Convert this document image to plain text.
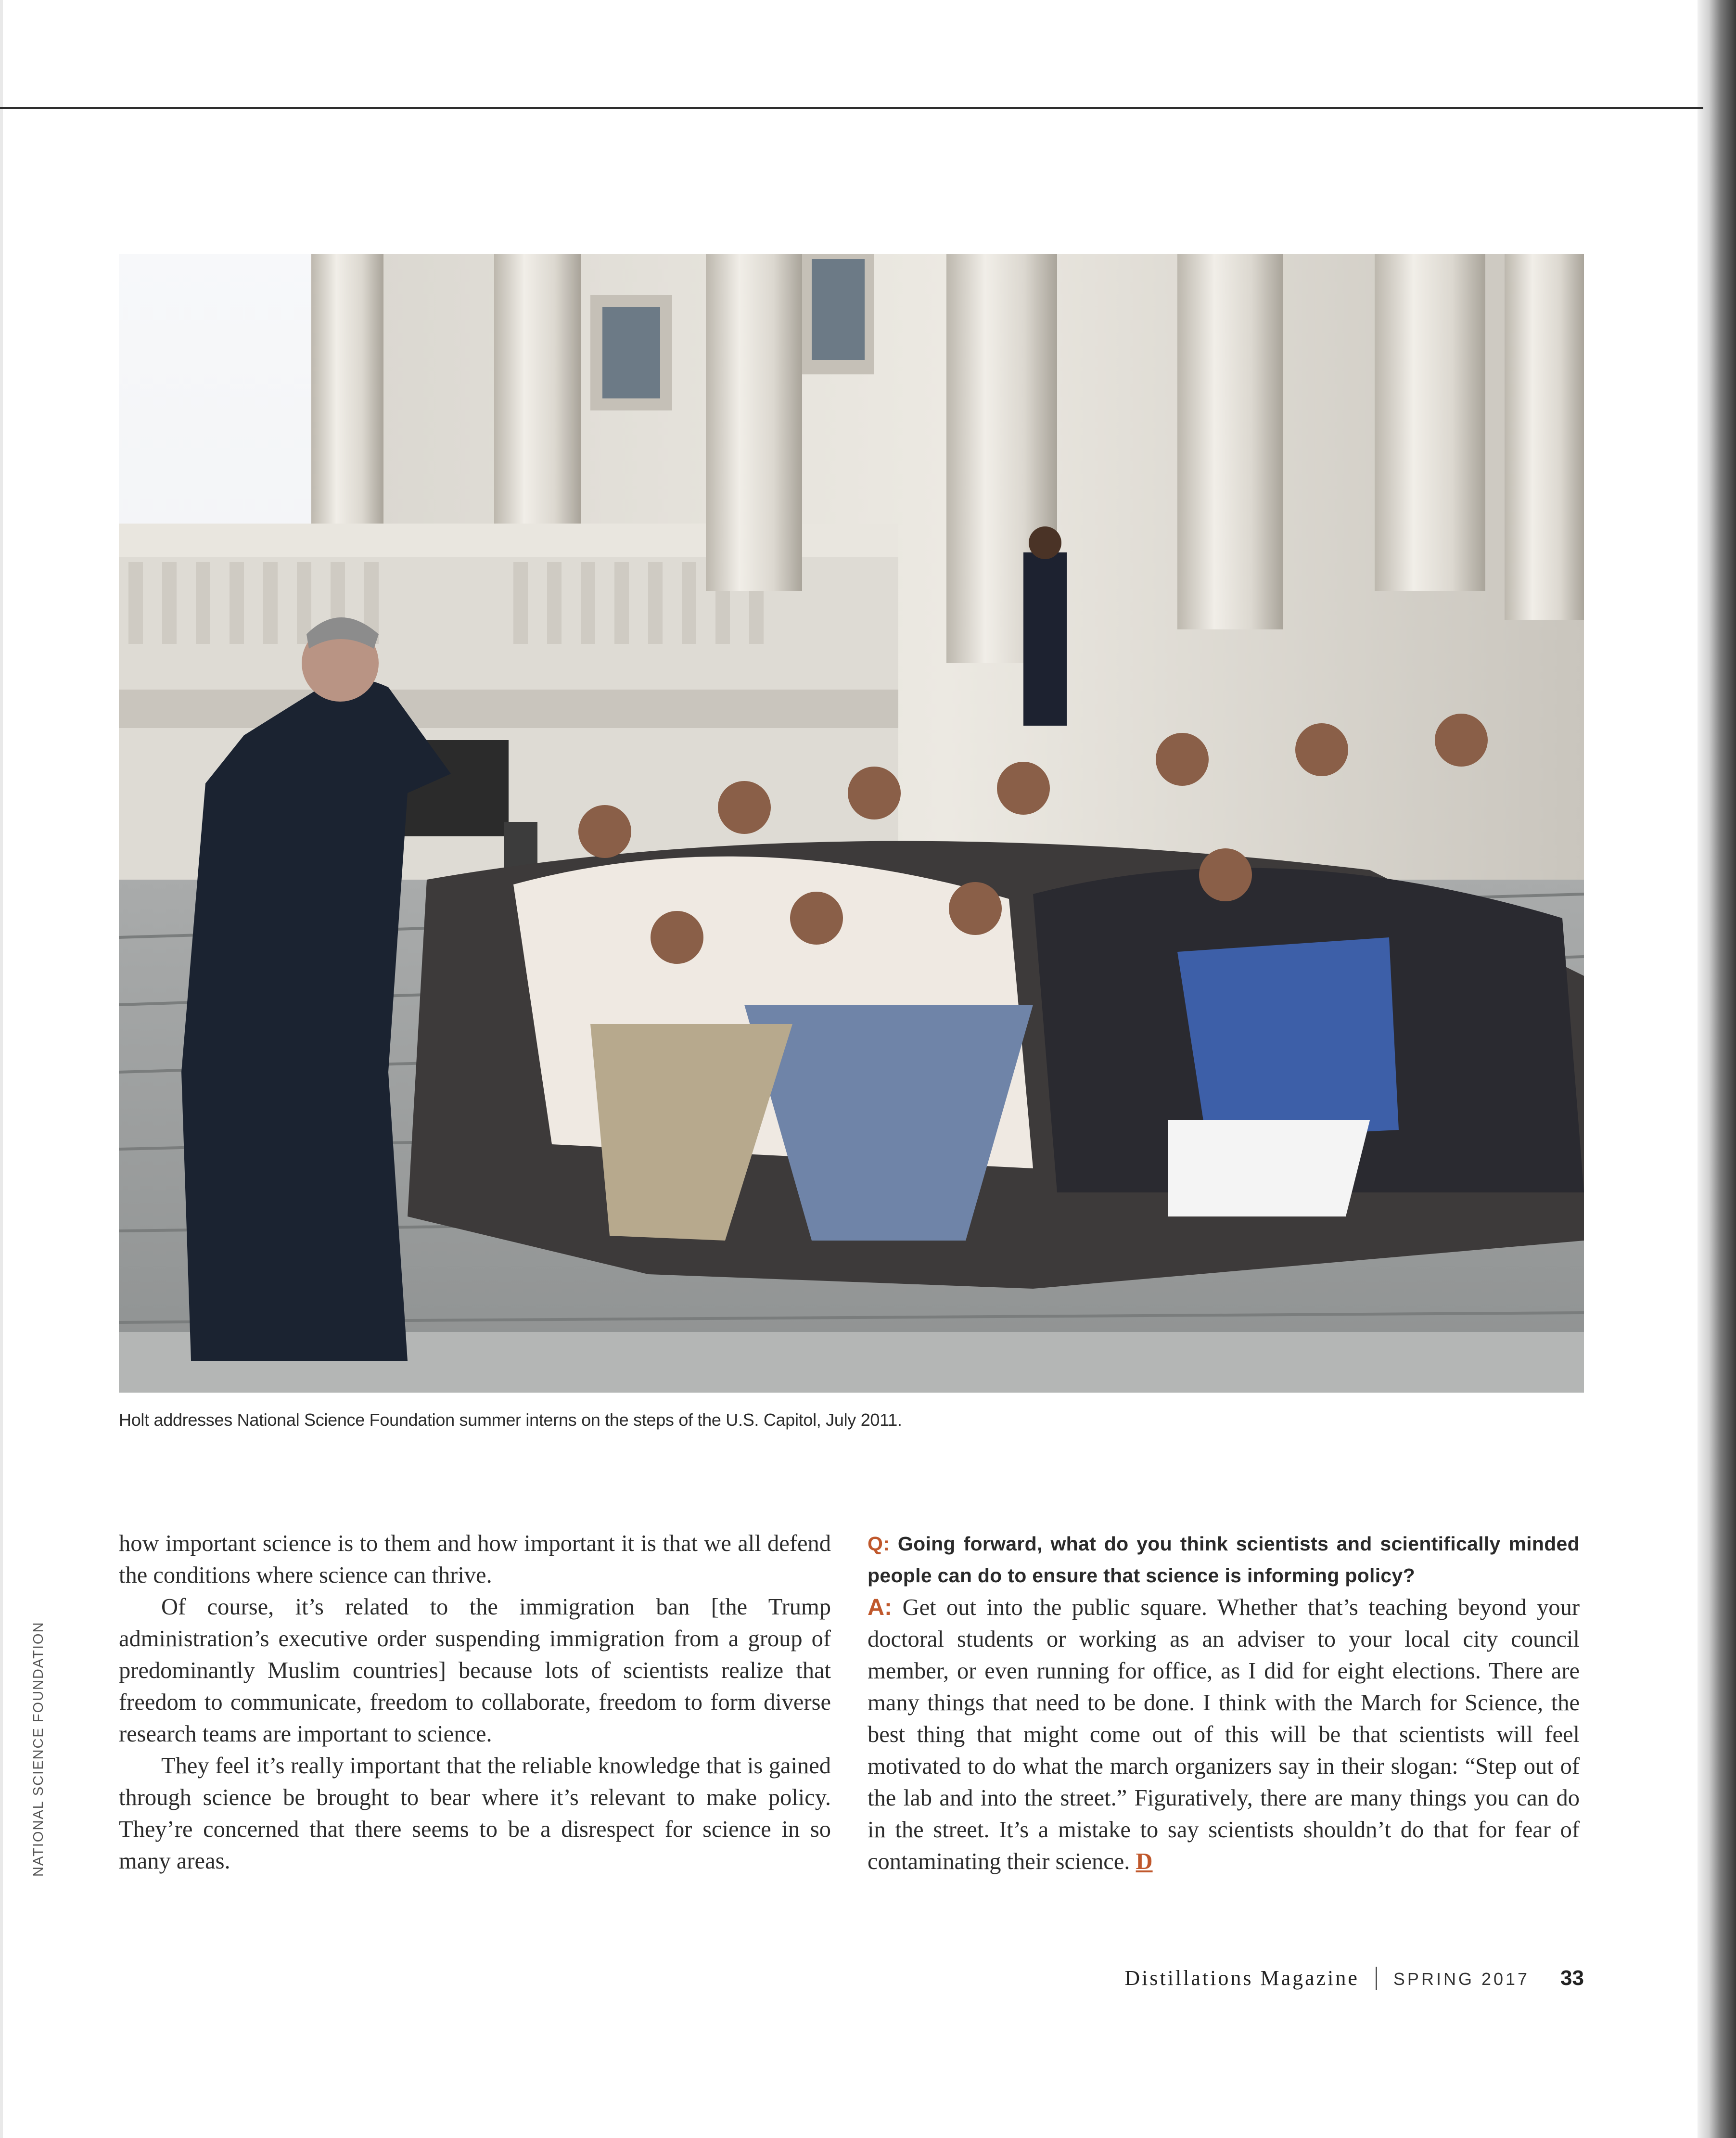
Holt addresses National Science Foundation summer interns on the steps of the U.S. Capitol, July 2011.
NATIONAL SCIENCE FOUNDATION

how important science is to them and how important it is that we all defend the conditions where science can thrive.

Of course, it’s related to the immigration ban [the Trump administration’s executive order suspending immigration from a group of predominantly Muslim countries] because lots of scientists realize that freedom to communicate, freedom to collaborate, freedom to form diverse research teams are important to science.

They feel it’s really important that the reliable knowledge that is gained through science be brought to bear where it’s relevant to make policy. They’re concerned that there seems to be a disrespect for science in so many areas.

Q: Going forward, what do you think scientists and scientifically minded people can do to ensure that science is informing policy?

A: Get out into the public square. Whether that’s teaching beyond your doctoral students or working as an adviser to your local city council member, or even running for office, as I did for eight elections. There are many things that need to be done. I think with the March for Science, the best thing that might come out of this will be that scientists will feel motivated to do what the march organizers say in their slogan: “Step out of the lab and into the street.” Figuratively, there are many things you can do in the street. It’s a mistake to say scientists shouldn’t do that for fear of contaminating their science. D

Distillations Magazine SPRING 2017 33
